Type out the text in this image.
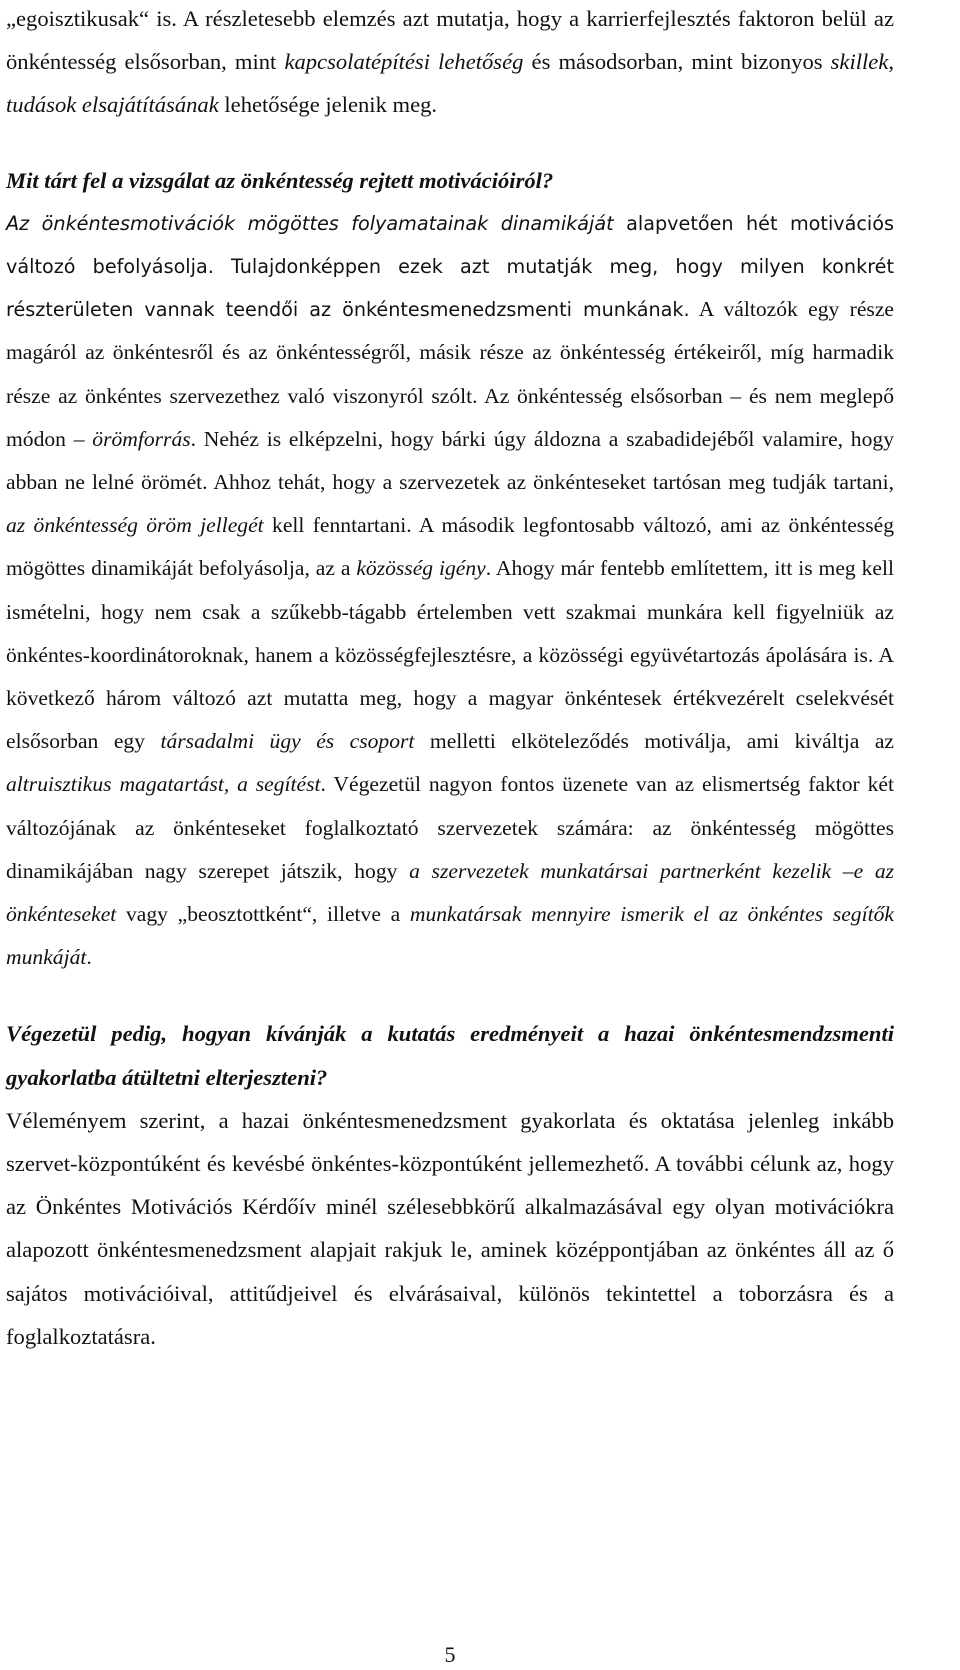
„egoisztikusak“ is. A részletesebb elemzés azt mutatja, hogy a karrierfejlesztés faktoron belül az önkéntesség elsősorban, mint kapcsolatépítési lehetőség és másodsorban, mint bizonyos skillek, tudások elsajátításának lehetősége jelenik meg.

Mit tárt fel a vizsgálat az önkéntesség rejtett motivációiról?

Az önkéntesmotivációk mögöttes folyamatainak dinamikáját alapvetően hét motivációs változó befolyásolja. Tulajdonképpen ezek azt mutatják meg, hogy milyen konkrét részterületen vannak teendői az önkéntesmenedzsmenti munkának. A változók egy része magáról az önkéntesről és az önkéntességről, másik része az önkéntesség értékeiről, míg harmadik része az önkéntes szervezethez való viszonyról szólt. Az önkéntesség elsősorban – és nem meglepő módon – örömforrás. Nehéz is elképzelni, hogy bárki úgy áldozna a szabadidejéből valamire, hogy abban ne lelné örömét. Ahhoz tehát, hogy a szervezetek az önkénteseket tartósan meg tudják tartani, az önkéntesség öröm jellegét kell fenntartani. A második legfontosabb változó, ami az önkéntesség mögöttes dinamikáját befolyásolja, az a közösség igény. Ahogy már fentebb említettem, itt is meg kell ismételni, hogy nem csak a szűkebb-tágabb értelemben vett szakmai munkára kell figyelniük az önkéntes-koordinátoroknak, hanem a közösségfejlesztésre, a közösségi együvétartozás ápolására is. A következő három változó azt mutatta meg, hogy a magyar önkéntesek értékvezérelt cselekvését elsősorban egy társadalmi ügy és csoport melletti elköteleződés motiválja, ami kiváltja az altruisztikus magatartást, a segítést. Végezetül nagyon fontos üzenete van az elismertség faktor két változójának az önkénteseket foglalkoztató szervezetek számára: az önkéntesség mögöttes dinamikájában nagy szerepet játszik, hogy a szervezetek munkatársai partnerként kezelik –e az önkénteseket vagy „beosztottként“, illetve a munkatársak mennyire ismerik el az önkéntes segítők munkáját.

Végezetül pedig, hogyan kívánják a kutatás eredményeit a hazai önkéntesmendzsmenti gyakorlatba átültetni elterjeszteni?

Véleményem szerint, a hazai önkéntesmenedzsment gyakorlata és oktatása jelenleg inkább szervet-központúként és kevésbé önkéntes-központúként jellemezhető. A további célunk az, hogy az Önkéntes Motivációs Kérdőív minél szélesebbkörű alkalmazásával egy olyan motivációkra alapozott önkéntesmenedzsment alapjait rakjuk le, aminek középpontjában az önkéntes áll az ő sajátos motivációival, attitűdjeivel és elvárásaival, különös tekintettel a toborzásra és a foglalkoztatásra.

5
